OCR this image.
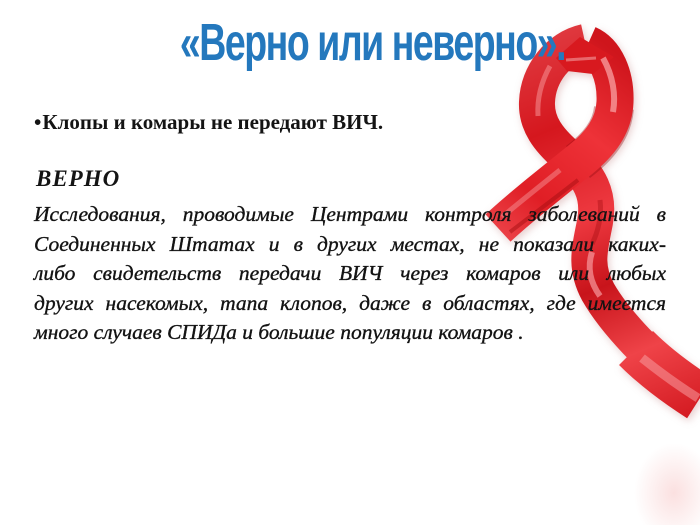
«Верно или неверно».

•Клопы и комары не передают ВИЧ.

ВЕРНО

Исследования, проводимые Центрами контроля заболеваний в
Соединенных Штатах и в других местах, не показали каких-
либо свидетельств передачи ВИЧ через комаров или любых
других насекомых, тапа клопов, даже в областях, где имеется
много случаев СПИДа и большие популяции комаров .
